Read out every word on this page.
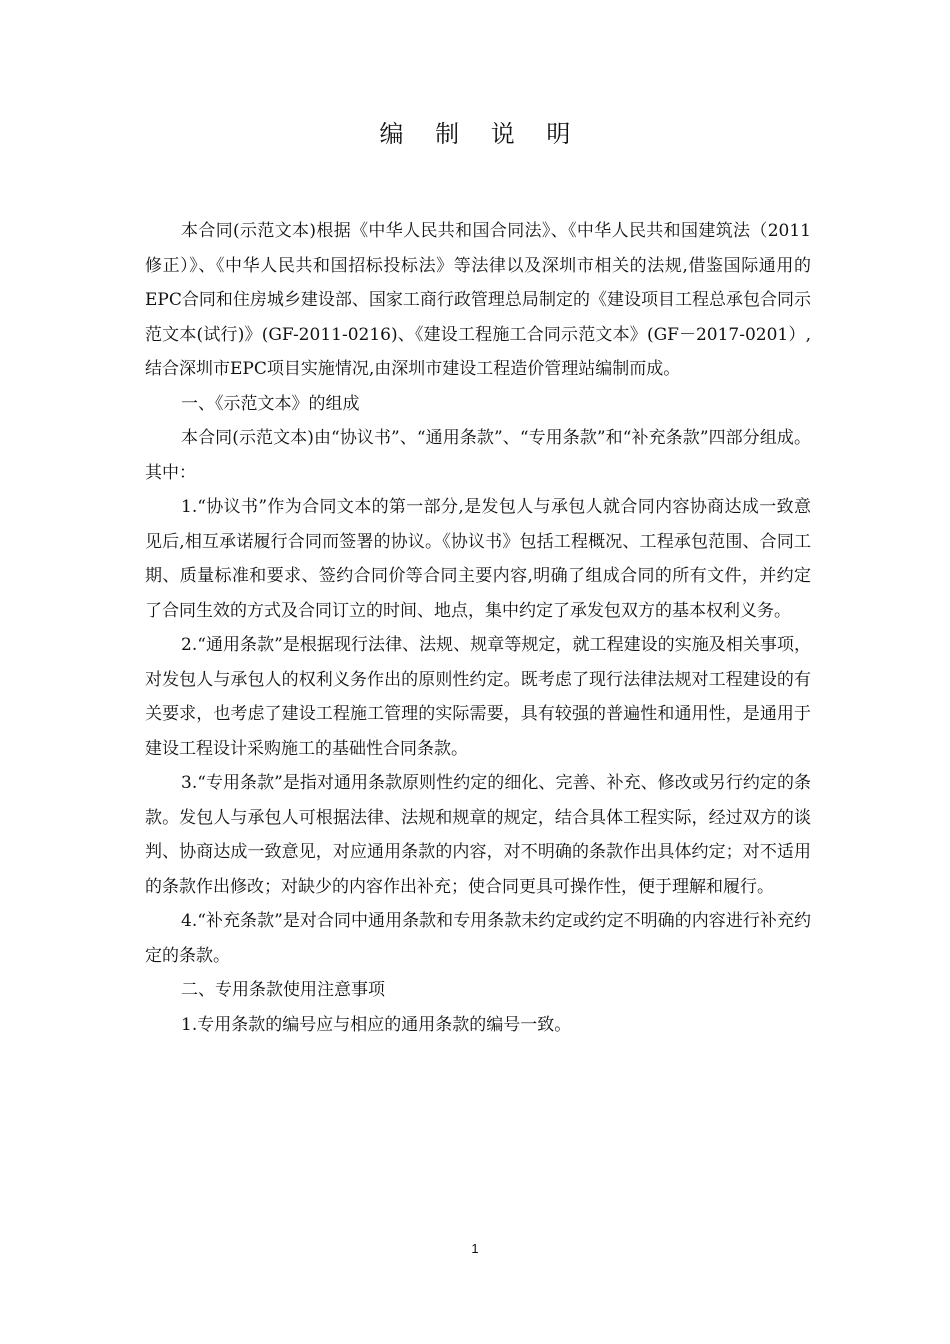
编 制 说 明

本合同(示范文本)根据《中华人民共和国合同法》、《中华人民共和国建筑法（2011 修正）》、《中华人民共和国招标投标法》等法律以及深圳市相关的法规,借鉴国际通用的EPC合同和住房城乡建设部、国家工商行政管理总局制定的《建设项目工程总承包合同示范文本(试行)》(GF-2011-0216)、《建设工程施工合同示范文本》(GF－2017-0201）,结合深圳市EPC项目实施情况,由深圳市建设工程造价管理站编制而成。

一、《示范文本》的组成

本合同(示范文本)由“协议书”、“通用条款”、“专用条款”和“补充条款”四部分组成。其中：

1.“协议书”作为合同文本的第一部分,是发包人与承包人就合同内容协商达成一致意见后,相互承诺履行合同而签署的协议。《协议书》包括工程概况、工程承包范围、合同工期、质量标准和要求、签约合同价等合同主要内容,明确了组成合同的所有文件，并约定了合同生效的方式及合同订立的时间、地点，集中约定了承发包双方的基本权利义务。

2.“通用条款”是根据现行法律、法规、规章等规定，就工程建设的实施及相关事项，对发包人与承包人的权利义务作出的原则性约定。既考虑了现行法律法规对工程建设的有关要求，也考虑了建设工程施工管理的实际需要，具有较强的普遍性和通用性，是通用于建设工程设计采购施工的基础性合同条款。

3.“专用条款”是指对通用条款原则性约定的细化、完善、补充、修改或另行约定的条款。发包人与承包人可根据法律、法规和规章的规定，结合具体工程实际，经过双方的谈判、协商达成一致意见，对应通用条款的内容，对不明确的条款作出具体约定；对不适用的条款作出修改；对缺少的内容作出补充；使合同更具可操作性，便于理解和履行。

4.“补充条款”是对合同中通用条款和专用条款未约定或约定不明确的内容进行补充约定的条款。

二、专用条款使用注意事项

1.专用条款的编号应与相应的通用条款的编号一致。

1
